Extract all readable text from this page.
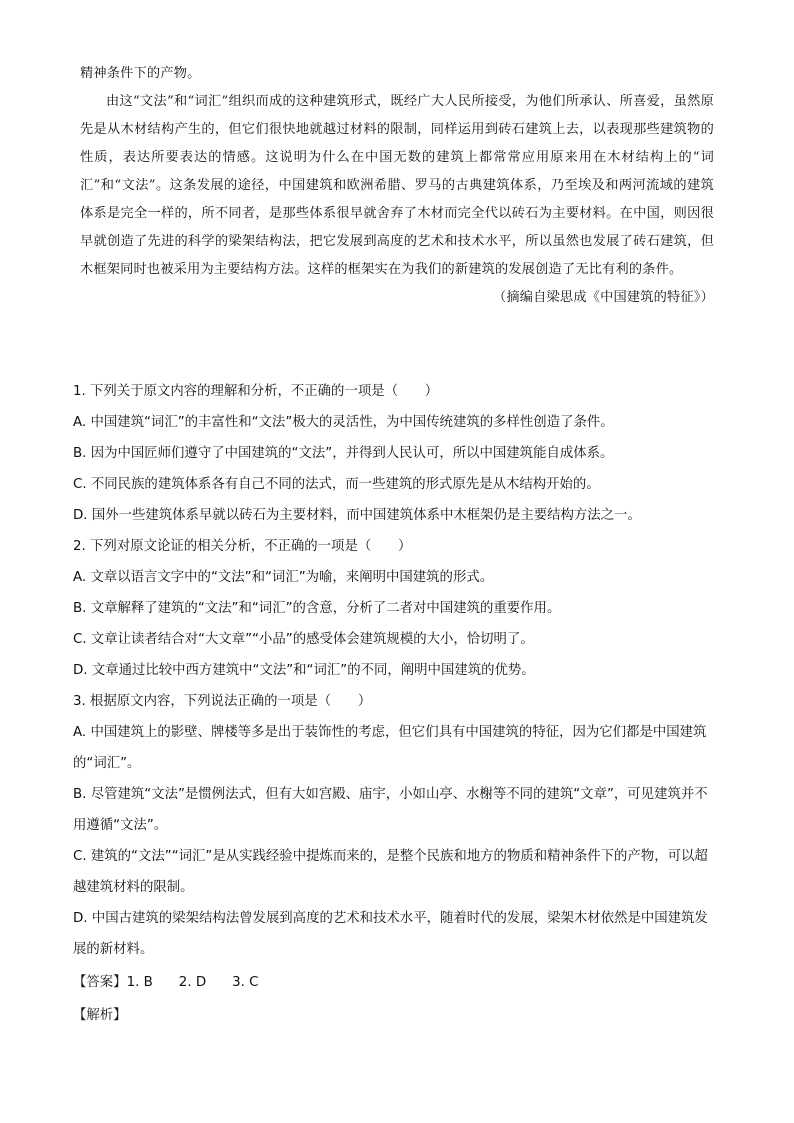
精神条件下的产物。

由这“文法”和“词汇”组织而成的这种建筑形式，既经广大人民所接受，为他们所承认、所喜爱，虽然原先是从木材结构产生的，但它们很快地就越过材料的限制，同样运用到砖石建筑上去，以表现那些建筑物的性质，表达所要表达的情感。这说明为什么在中国无数的建筑上都常常应用原来用在木材结构上的“词汇”和“文法”。这条发展的途径，中国建筑和欧洲希腊、罗马的古典建筑体系，乃至埃及和两河流域的建筑体系是完全一样的，所不同者，是那些体系很早就舍弃了木材而完全代以砖石为主要材料。在中国，则因很早就创造了先进的科学的梁架结构法，把它发展到高度的艺术和技术水平，所以虽然也发展了砖石建筑，但木框架同时也被采用为主要结构方法。这样的框架实在为我们的新建筑的发展创造了无比有利的条件。

（摘编自梁思成《中国建筑的特征》）

1. 下列关于原文内容的理解和分析，不正确的一项是（　　）

A. 中国建筑“词汇”的丰富性和“文法”极大的灵活性，为中国传统建筑的多样性创造了条件。

B. 因为中国匠师们遵守了中国建筑的“文法”，并得到人民认可，所以中国建筑能自成体系。

C. 不同民族的建筑体系各有自己不同的法式，而一些建筑的形式原先是从木结构开始的。

D. 国外一些建筑体系早就以砖石为主要材料，而中国建筑体系中木框架仍是主要结构方法之一。

2. 下列对原文论证的相关分析，不正确的一项是（　　）

A. 文章以语言文字中的“文法”和“词汇”为喻，来阐明中国建筑的形式。

B. 文章解释了建筑的“文法”和“词汇”的含意，分析了二者对中国建筑的重要作用。

C. 文章让读者结合对“大文章”“小品”的感受体会建筑规模的大小，恰切明了。

D. 文章通过比较中西方建筑中“文法”和“词汇”的不同，阐明中国建筑的优势。

3. 根据原文内容，下列说法正确的一项是（　　）

A. 中国建筑上的影壁、牌楼等多是出于装饰性的考虑，但它们具有中国建筑的特征，因为它们都是中国建筑的“词汇”。

B. 尽管建筑“文法”是惯例法式，但有大如宫殿、庙宇，小如山亭、水榭等不同的建筑“文章”，可见建筑并不用遵循“文法”。

C. 建筑的“文法”“词汇”是从实践经验中提炼而来的，是整个民族和地方的物质和精神条件下的产物，可以超越建筑材料的限制。

D. 中国古建筑的梁架结构法曾发展到高度的艺术和技术水平，随着时代的发展，梁架木材依然是中国建筑发展的新材料。

【答案】1. B 2. D 3. C

【解析】
